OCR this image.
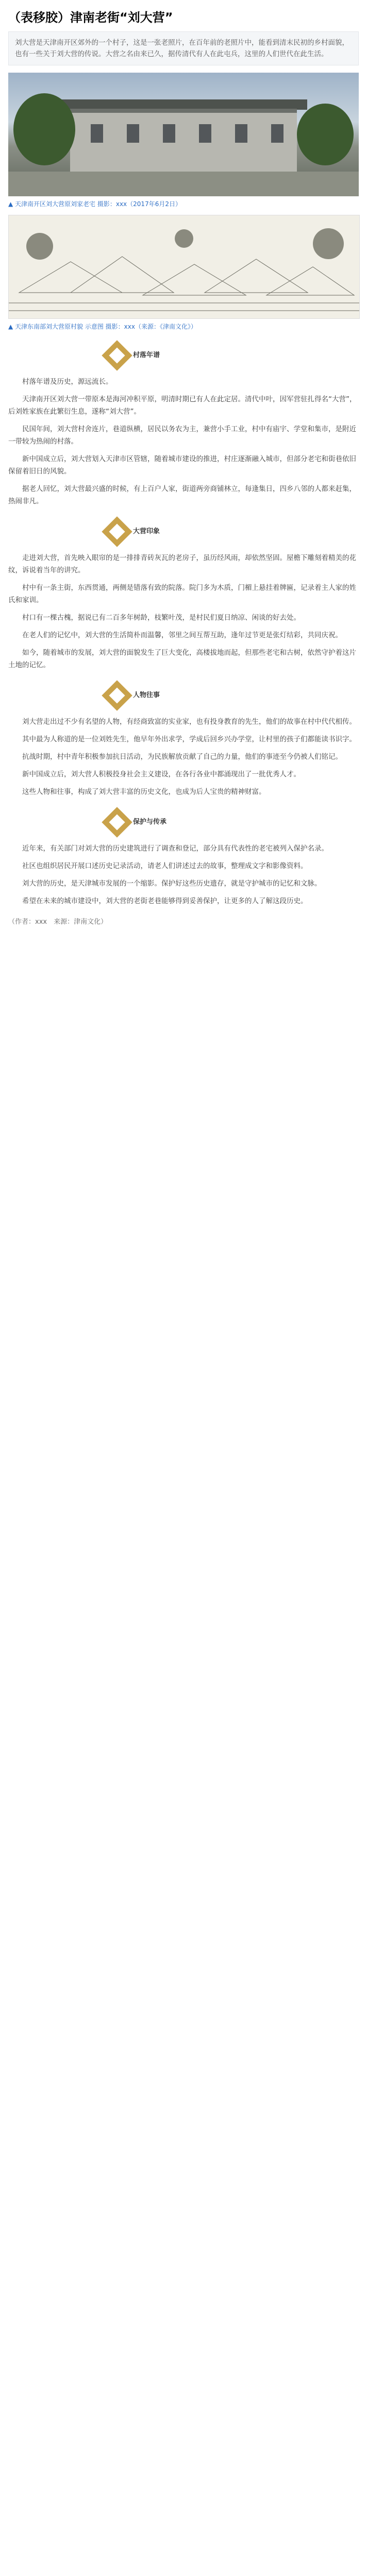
（表移胶）津南老街“刘大营”
刘大营是天津南开区郊外的一个村子，这是一张老照片，在百年前的老照片中，能看到清末民初的乡村面貌，也有一些关于刘大营的传说。大营之名由来已久，据传清代有人在此屯兵，这里的人们世代在此生活。
▲ 天津南开区刘大营原刘家老宅 摄影：xxx（2017年6月2日）
▲ 天津东南部刘大营原村貌 示意图 摄影：xxx（来源：《津南文化》）
村落年谱

村落年谱及历史，源远流长。

天津南开区刘大营一带原本是海河冲积平原，明清时期已有人在此定居。清代中叶，因军营驻扎得名“大营”，后刘姓家族在此繁衍生息，遂称“刘大营”。

民国年间，刘大营村舍连片，巷道纵横，居民以务农为主，兼营小手工业，村中有庙宇、学堂和集市，是附近一带较为热闹的村落。

新中国成立后，刘大营划入天津市区管辖，随着城市建设的推进，村庄逐渐融入城市，但部分老宅和街巷依旧保留着旧日的风貌。

据老人回忆，刘大营最兴盛的时候，有上百户人家，街道两旁商铺林立，每逢集日，四乡八邻的人都来赶集，热闹非凡。

大营印象

走进刘大营，首先映入眼帘的是一排排青砖灰瓦的老房子，虽历经风雨，却依然坚固。屋檐下雕刻着精美的花纹，诉说着当年的讲究。

村中有一条主街，东西贯通，两侧是错落有致的院落。院门多为木质，门楣上悬挂着牌匾，记录着主人家的姓氏和家训。

村口有一棵古槐，据说已有二百多年树龄，枝繁叶茂，是村民们夏日纳凉、闲谈的好去处。

在老人们的记忆中，刘大营的生活简朴而温馨，邻里之间互帮互助，逢年过节更是张灯结彩，共同庆祝。

如今，随着城市的发展，刘大营的面貌发生了巨大变化，高楼拔地而起，但那些老宅和古树，依然守护着这片土地的记忆。

人物往事

刘大营走出过不少有名望的人物，有经商致富的实业家，也有投身教育的先生，他们的故事在村中代代相传。

其中最为人称道的是一位刘姓先生，他早年外出求学，学成后回乡兴办学堂，让村里的孩子们都能读书识字。

抗战时期，村中青年积极参加抗日活动，为民族解放贡献了自己的力量，他们的事迹至今仍被人们铭记。

新中国成立后，刘大营人积极投身社会主义建设，在各行各业中都涌现出了一批优秀人才。

这些人物和往事，构成了刘大营丰富的历史文化，也成为后人宝贵的精神财富。

保护与传承

近年来，有关部门对刘大营的历史建筑进行了调查和登记，部分具有代表性的老宅被列入保护名录。

社区也组织居民开展口述历史记录活动，请老人们讲述过去的故事，整理成文字和影像资料。

刘大营的历史，是天津城市发展的一个缩影。保护好这些历史遗存，就是守护城市的记忆和文脉。

希望在未来的城市建设中，刘大营的老街老巷能够得到妥善保护，让更多的人了解这段历史。

（作者：xxx　来源：津南文化）
